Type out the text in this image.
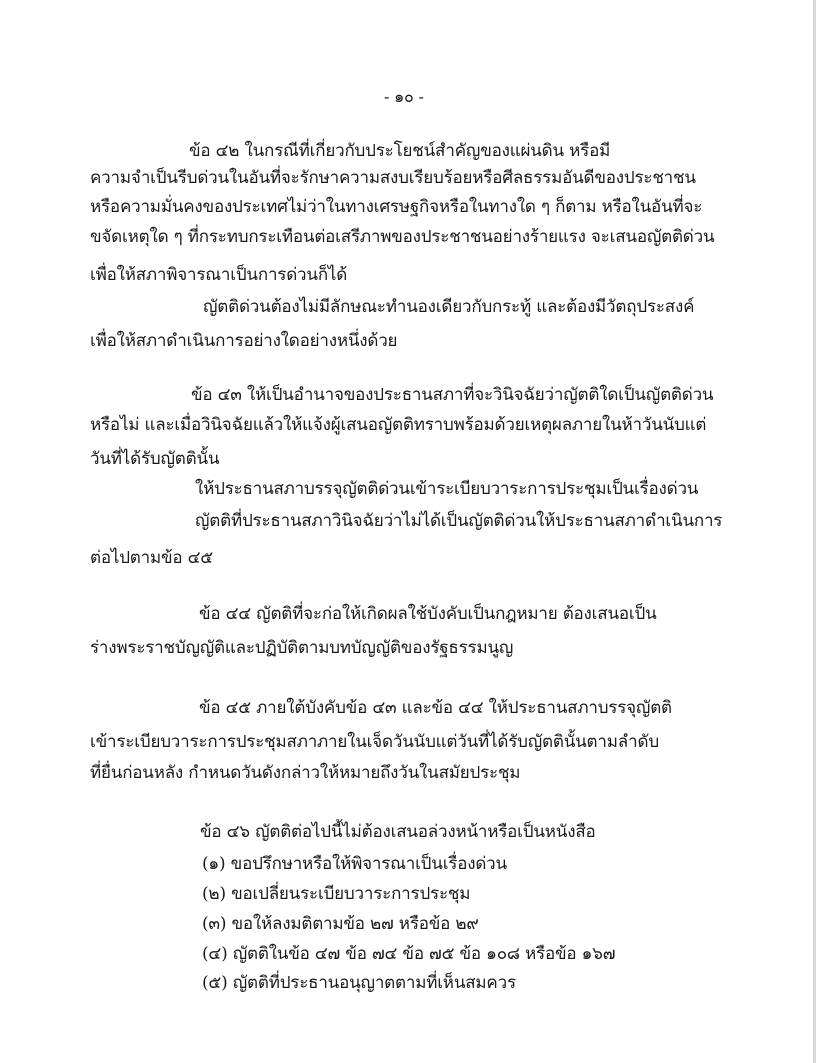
- ๑๐ -
ข้อ ๔๒ ในกรณีที่เกี่ยวกับประโยชน์สำคัญของแผ่นดิน หรือมี
ความจำเป็นรีบด่วนในอันที่จะรักษาความสงบเรียบร้อยหรือศีลธรรมอันดีของประชาชน
หรือความมั่นคงของประเทศไม่ว่าในทางเศรษฐกิจหรือในทางใด ๆ ก็ตาม หรือในอันที่จะ
ขจัดเหตุใด ๆ ที่กระทบกระเทือนต่อเสรีภาพของประชาชนอย่างร้ายแรง จะเสนอญัตติด่วน
เพื่อให้สภาพิจารณาเป็นการด่วนก็ได้
ญัตติด่วนต้องไม่มีลักษณะทำนองเดียวกับกระทู้ และต้องมีวัตถุประสงค์
เพื่อให้สภาดำเนินการอย่างใดอย่างหนึ่งด้วย
ข้อ ๔๓ ให้เป็นอำนาจของประธานสภาที่จะวินิจฉัยว่าญัตติใดเป็นญัตติด่วน
หรือไม่ และเมื่อวินิจฉัยแล้วให้แจ้งผู้เสนอญัตติทราบพร้อมด้วยเหตุผลภายในห้าวันนับแต่
วันที่ได้รับญัตตินั้น
ให้ประธานสภาบรรจุญัตติด่วนเข้าระเบียบวาระการประชุมเป็นเรื่องด่วน
ญัตติที่ประธานสภาวินิจฉัยว่าไม่ได้เป็นญัตติด่วนให้ประธานสภาดำเนินการ
ต่อไปตามข้อ ๔๕
ข้อ ๔๔ ญัตติที่จะก่อให้เกิดผลใช้บังคับเป็นกฎหมาย ต้องเสนอเป็น
ร่างพระราชบัญญัติและปฏิบัติตามบทบัญญัติของรัฐธรรมนูญ
ข้อ ๔๕ ภายใต้บังคับข้อ ๔๓ และข้อ ๔๔ ให้ประธานสภาบรรจุญัตติ
เข้าระเบียบวาระการประชุมสภาภายในเจ็ดวันนับแต่วันที่ได้รับญัตตินั้นตามลำดับ
ที่ยื่นก่อนหลัง กำหนดวันดังกล่าวให้หมายถึงวันในสมัยประชุม
ข้อ ๔๖ ญัตติต่อไปนี้ไม่ต้องเสนอล่วงหน้าหรือเป็นหนังสือ
(๑) ขอปรึกษาหรือให้พิจารณาเป็นเรื่องด่วน
(๒) ขอเปลี่ยนระเบียบวาระการประชุม
(๓) ขอให้ลงมติตามข้อ ๒๗ หรือข้อ ๒๙
(๔) ญัตติในข้อ ๔๗ ข้อ ๗๔ ข้อ ๗๕ ข้อ ๑๐๘ หรือข้อ ๑๖๗
(๕) ญัตติที่ประธานอนุญาตตามที่เห็นสมควร
